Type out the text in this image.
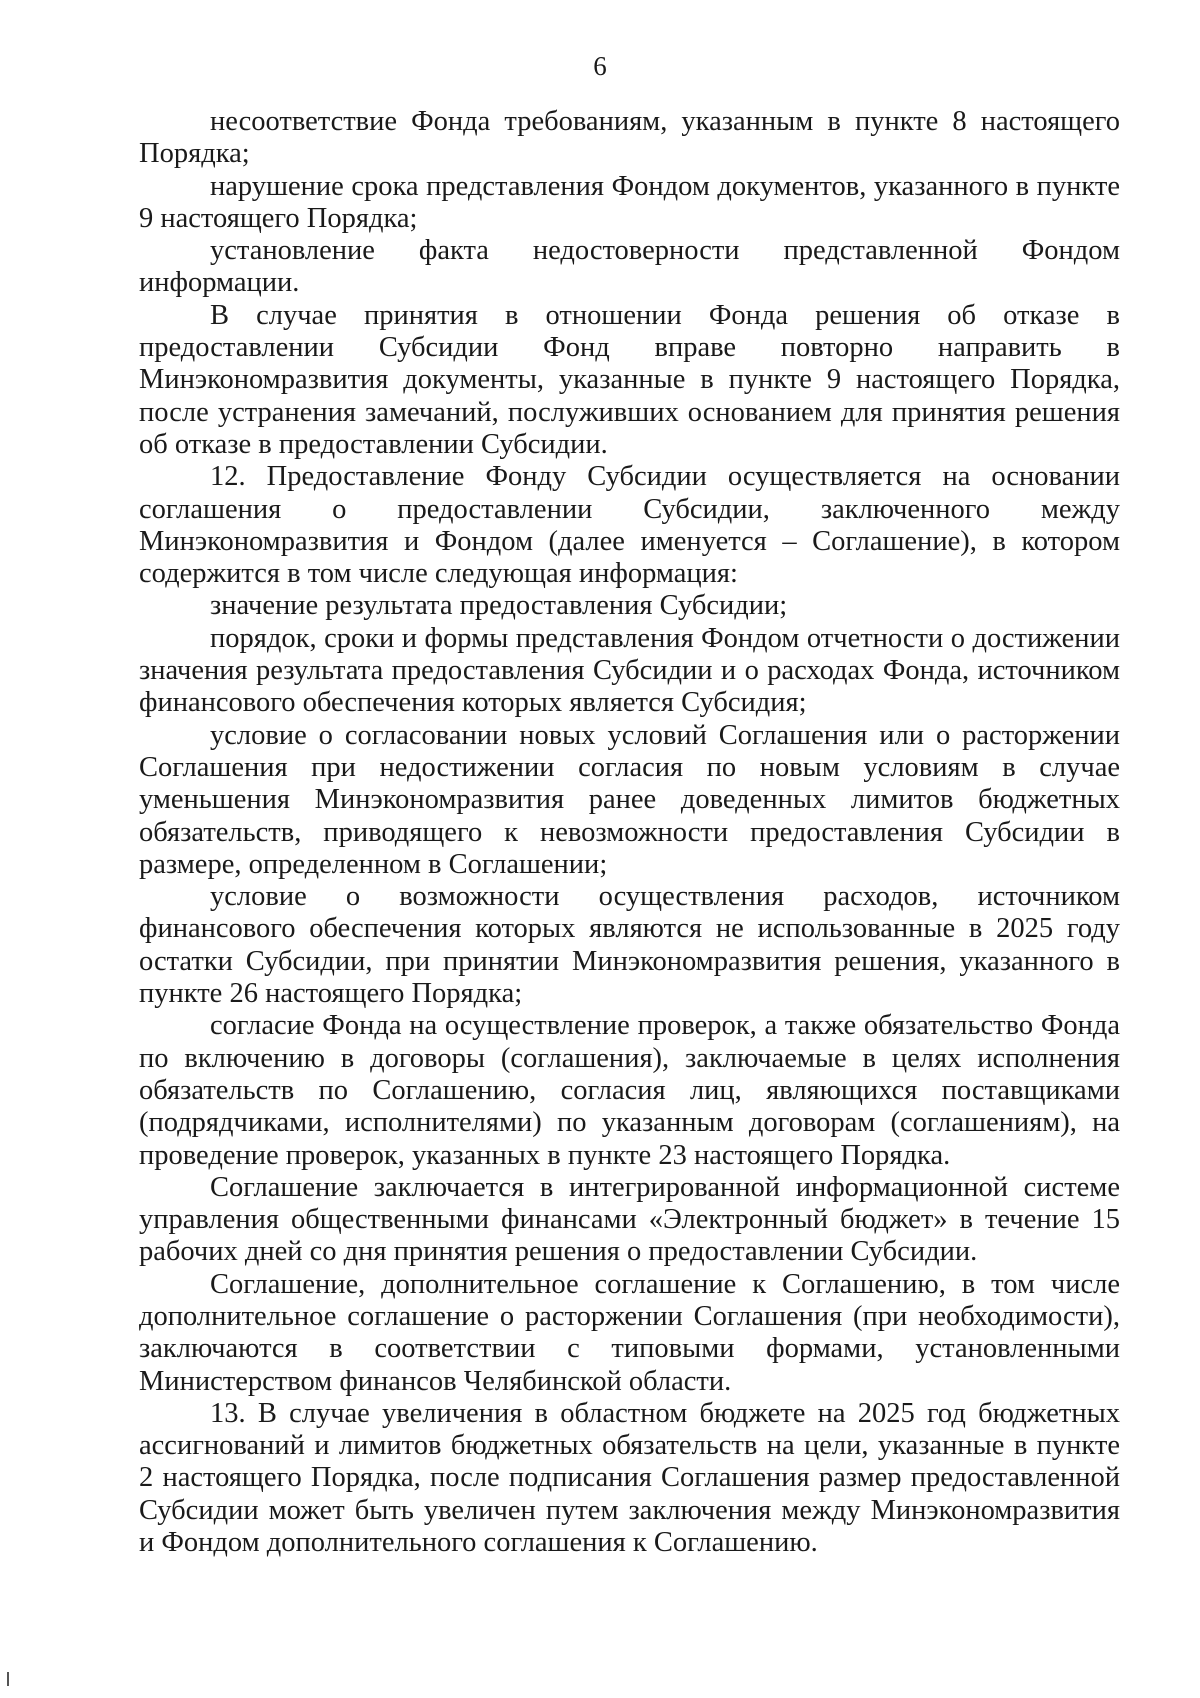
6

несоответствие Фонда требованиям, указанным в пункте 8 настоящего Порядка;

нарушение срока представления Фондом документов, указанного в пункте 9 настоящего Порядка;

установление факта недостоверности представленной Фондом информации.

В случае принятия в отношении Фонда решения об отказе в предоставлении Субсидии Фонд вправе повторно направить в Минэкономразвития документы, указанные в пункте 9 настоящего Порядка, после устранения замечаний, послуживших основанием для принятия решения об отказе в предоставлении Субсидии.

12. Предоставление Фонду Субсидии осуществляется на основании соглашения о предоставлении Субсидии, заключенного между Минэкономразвития и Фондом (далее именуется – Соглашение), в котором содержится в том числе следующая информация:

значение результата предоставления Субсидии;

порядок, сроки и формы представления Фондом отчетности о достижении значения результата предоставления Субсидии и о расходах Фонда, источником финансового обеспечения которых является Субсидия;

условие о согласовании новых условий Соглашения или о расторжении Соглашения при недостижении согласия по новым условиям в случае уменьшения Минэкономразвития ранее доведенных лимитов бюджетных обязательств, приводящего к невозможности предоставления Субсидии в размере, определенном в Соглашении;

условие о возможности осуществления расходов, источником финансового обеспечения которых являются не использованные в 2025 году остатки Субсидии, при принятии Минэкономразвития решения, указанного в пункте 26 настоящего Порядка;

согласие Фонда на осуществление проверок, а также обязательство Фонда по включению в договоры (соглашения), заключаемые в целях исполнения обязательств по Соглашению, согласия лиц, являющихся поставщиками (подрядчиками, исполнителями) по указанным договорам (соглашениям), на проведение проверок, указанных в пункте 23 настоящего Порядка.

Соглашение заключается в интегрированной информационной системе управления общественными финансами «Электронный бюджет» в течение 15 рабочих дней со дня принятия решения о предоставлении Субсидии.

Соглашение, дополнительное соглашение к Соглашению, в том числе дополнительное соглашение о расторжении Соглашения (при необходимости), заключаются в соответствии с типовыми формами, установленными Министерством финансов Челябинской области.

13. В случае увеличения в областном бюджете на 2025 год бюджетных ассигнований и лимитов бюджетных обязательств на цели, указанные в пункте 2 настоящего Порядка, после подписания Соглашения размер предоставленной Субсидии может быть увеличен путем заключения между Минэкономразвития и Фондом дополнительного соглашения к Соглашению.
